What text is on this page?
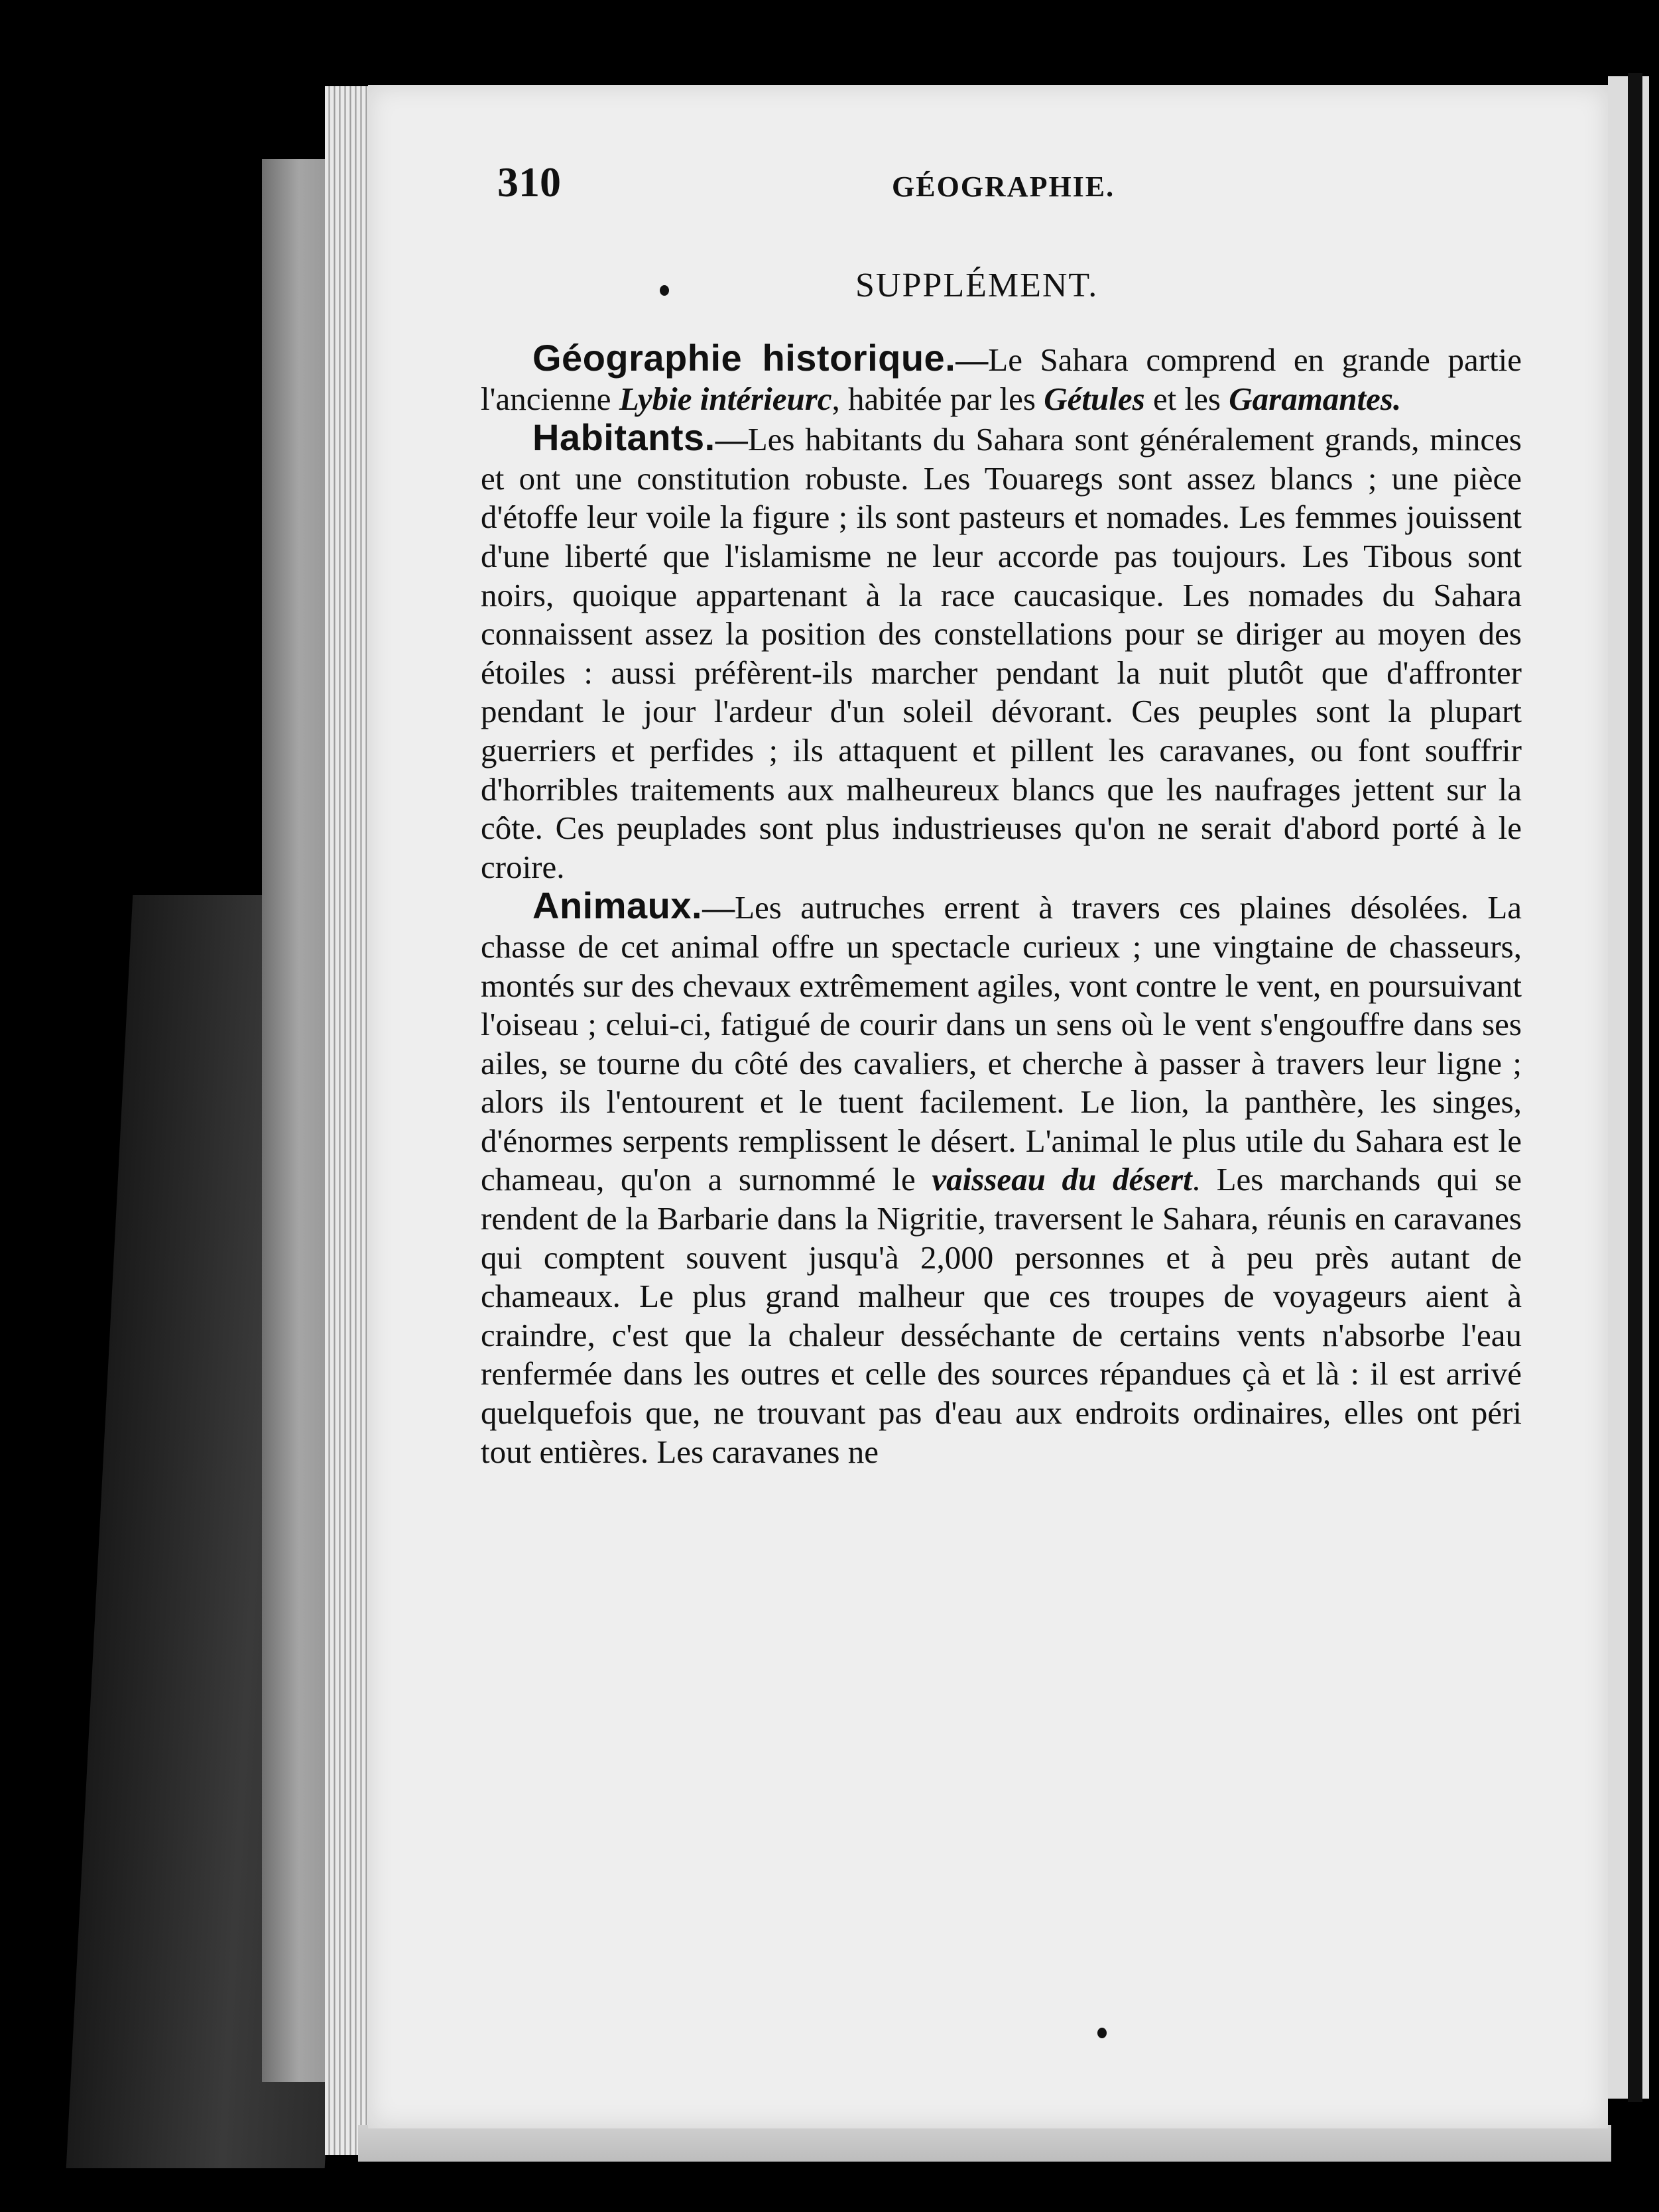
310	GÉOGRAPHIE.
SUPPLÉMENT.

Géographie historique.—Le Sahara comprend en grande partie l'ancienne Lybie intérieurc, habitée par les Gétules et les Garamantes.

Habitants.—Les habitants du Sahara sont généralement grands, minces et ont une constitution robuste. Les Touaregs sont assez blancs ; une pièce d'étoffe leur voile la figure ; ils sont pasteurs et nomades. Les femmes jouissent d'une liberté que l'islamisme ne leur accorde pas toujours. Les Tibous sont noirs, quoique appartenant à la race caucasique. Les nomades du Sahara connaissent assez la position des constellations pour se diriger au moyen des étoiles : aussi préfèrent-ils marcher pendant la nuit plutôt que d'affronter pendant le jour l'ardeur d'un soleil dévorant. Ces peuples sont la plupart guerriers et perfides ; ils attaquent et pillent les caravanes, ou font souffrir d'horribles traitements aux malheureux blancs que les naufrages jettent sur la côte. Ces peuplades sont plus industrieuses qu'on ne serait d'abord porté à le croire.

Animaux.—Les autruches errent à travers ces plaines désolées. La chasse de cet animal offre un spectacle curieux ; une vingtaine de chasseurs, montés sur des chevaux extrêmement agiles, vont contre le vent, en poursuivant l'oiseau ; celui-ci, fatigué de courir dans un sens où le vent s'engouffre dans ses ailes, se tourne du côté des cavaliers, et cherche à passer à travers leur ligne ; alors ils l'entourent et le tuent facilement. Le lion, la panthère, les singes, d'énormes serpents remplissent le désert. L'animal le plus utile du Sahara est le chameau, qu'on a surnommé le vaisseau du désert. Les marchands qui se rendent de la Barbarie dans la Nigritie, traversent le Sahara, réunis en caravanes qui comptent souvent jusqu'à 2,000 personnes et à peu près autant de chameaux. Le plus grand malheur que ces troupes de voyageurs aient à craindre, c'est que la chaleur desséchante de certains vents n'absorbe l'eau renfermée dans les outres et celle des sources répandues çà et là : il est arrivé quelquefois que, ne trouvant pas d'eau aux endroits ordinaires, elles ont péri tout entières. Les caravanes ne
